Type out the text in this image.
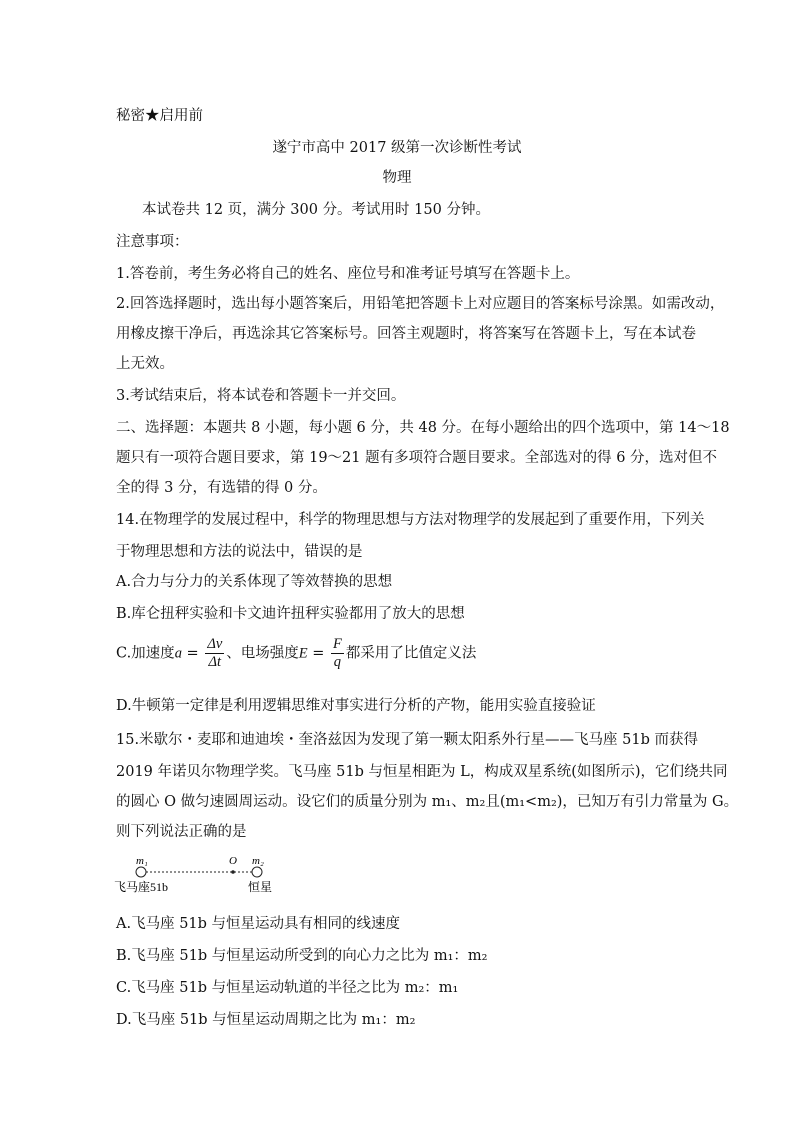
秘密★启用前
遂宁市高中 2017 级第一次诊断性考试
物理
本试卷共 12 页，满分 300 分。考试用时 150 分钟。
注意事项：
1.答卷前，考生务必将自己的姓名、座位号和准考证号填写在答题卡上。
2.回答选择题时，选出每小题答案后，用铅笔把答题卡上对应题目的答案标号涂黑。如需改动，
用橡皮擦干净后，再选涂其它答案标号。回答主观题时，将答案写在答题卡上，写在本试卷
上无效。
3.考试结束后，将本试卷和答题卡一并交回。
二、选择题：本题共 8 小题，每小题 6 分，共 48 分。在每小题给出的四个选项中，第 14～18
题只有一项符合题目要求，第 19～21 题有多项符合题目要求。全部选对的得 6 分，选对但不
全的得 3 分，有选错的得 0 分。
14.在物理学的发展过程中，科学的物理思想与方法对物理学的发展起到了重要作用，下列关
于物理思想和方法的说法中，错误的是
A.合力与分力的关系体现了等效替换的思想
B.库仑扭秤实验和卡文迪许扭秤实验都用了放大的思想
C.加速度$a = \frac{\Delta v}{\Delta t}$ 、电场强度$E = \frac{F}{q}$ 都采用了比值定义法
D.牛顿第一定律是利用逻辑思维对事实进行分析的产物，能用实验直接验证
15.米歇尔・麦耶和迪迪埃・奎洛兹因为发现了第一颗太阳系外行星——飞马座 51b 而获得
2019 年诺贝尔物理学奖。飞马座 51b 与恒星相距为 L，构成双星系统(如图所示)，它们绕共同
的圆心 O 做匀速圆周运动。设它们的质量分别为 m₁、m₂且(m₁<m₂)，已知万有引力常量为 G。
则下列说法正确的是
m₁	O m₂
飞马座51b	恒星
A.飞马座 51b 与恒星运动具有相同的线速度
B.飞马座 51b 与恒星运动所受到的向心力之比为 m₁：m₂
C.飞马座 51b 与恒星运动轨道的半径之比为 m₂：m₁
D.飞马座 51b 与恒星运动周期之比为 m₁：m₂
